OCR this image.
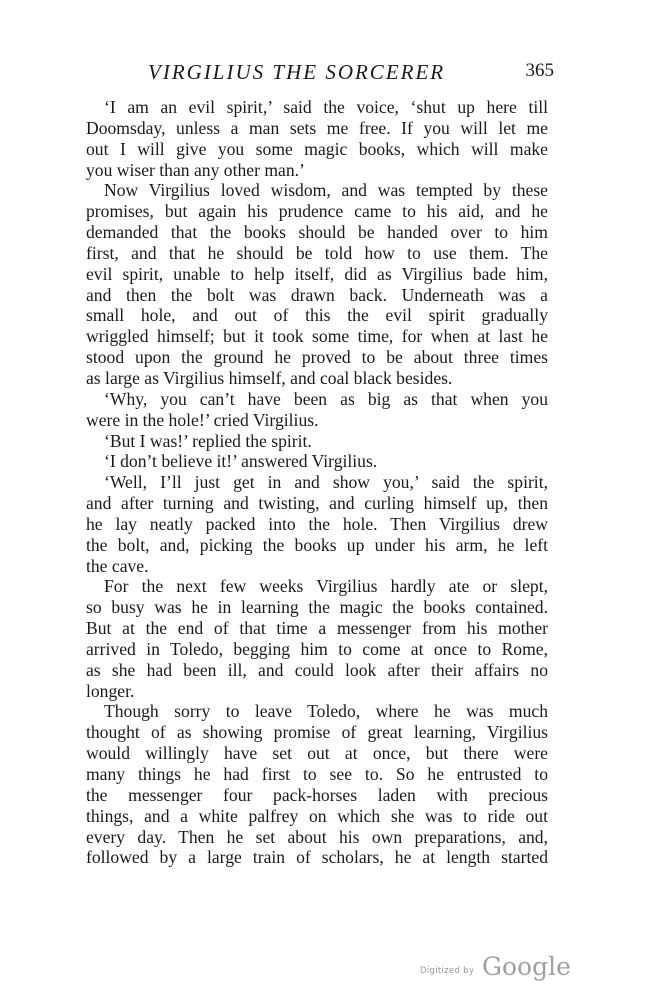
VIRGILIUS THE SORCERER	365
‘I am an evil spirit,’ said the voice, ‘shut up here till
Doomsday, unless a man sets me free. If you will let me
out I will give you some magic books, which will make
you wiser than any other man.’
Now Virgilius loved wisdom, and was tempted by these
promises, but again his prudence came to his aid, and he
demanded that the books should be handed over to him
first, and that he should be told how to use them. The
evil spirit, unable to help itself, did as Virgilius bade him,
and then the bolt was drawn back. Underneath was a
small hole, and out of this the evil spirit gradually
wriggled himself; but it took some time, for when at last he
stood upon the ground he proved to be about three times
as large as Virgilius himself, and coal black besides.
‘Why, you can’t have been as big as that when you
were in the hole!’ cried Virgilius.
‘But I was!’ replied the spirit.
‘I don’t believe it!’ answered Virgilius.
‘Well, I’ll just get in and show you,’ said the spirit,
and after turning and twisting, and curling himself up, then
he lay neatly packed into the hole. Then Virgilius drew
the bolt, and, picking the books up under his arm, he left
the cave.
For the next few weeks Virgilius hardly ate or slept,
so busy was he in learning the magic the books contained.
But at the end of that time a messenger from his mother
arrived in Toledo, begging him to come at once to Rome,
as she had been ill, and could look after their affairs no
longer.
Though sorry to leave Toledo, where he was much
thought of as showing promise of great learning, Virgilius
would willingly have set out at once, but there were
many things he had first to see to. So he entrusted to
the messenger four pack-horses laden with precious
things, and a white palfrey on which she was to ride out
every day. Then he set about his own preparations, and,
followed by a large train of scholars, he at length started
Digitized by Google
